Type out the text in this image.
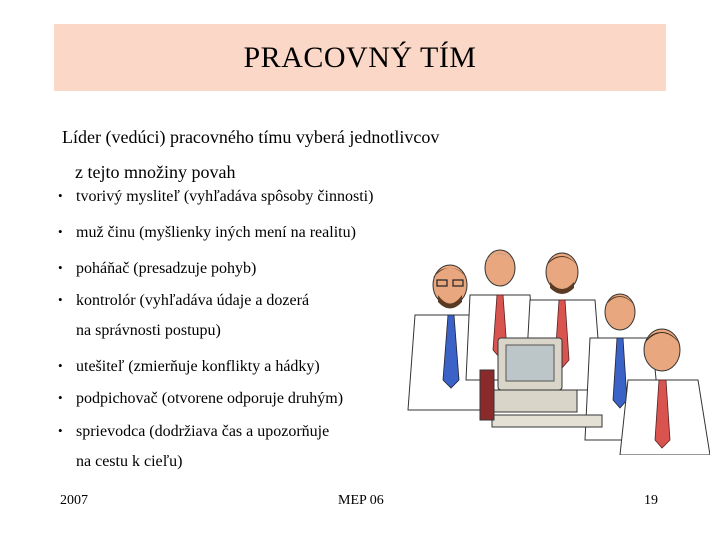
PRACOVNÝ TÍM
Líder (vedúci) pracovného tímu vyberá jednotlivcov
z tejto množiny povah
• tvorivý mysliteľ (vyhľadáva spôsoby činnosti)
• muž činu (myšlienky iných mení na realitu)
• poháňač (presadzuje pohyb)
• kontrolór (vyhľadáva údaje a dozerá
na správnosti postupu)
• utešiteľ (zmierňuje konflikty a hádky)
• podpichovač (otvorene odporuje druhým)
• sprievodca (dodržiava čas a upozorňuje
na cestu k cieľu)
2007	MEP 06	19
